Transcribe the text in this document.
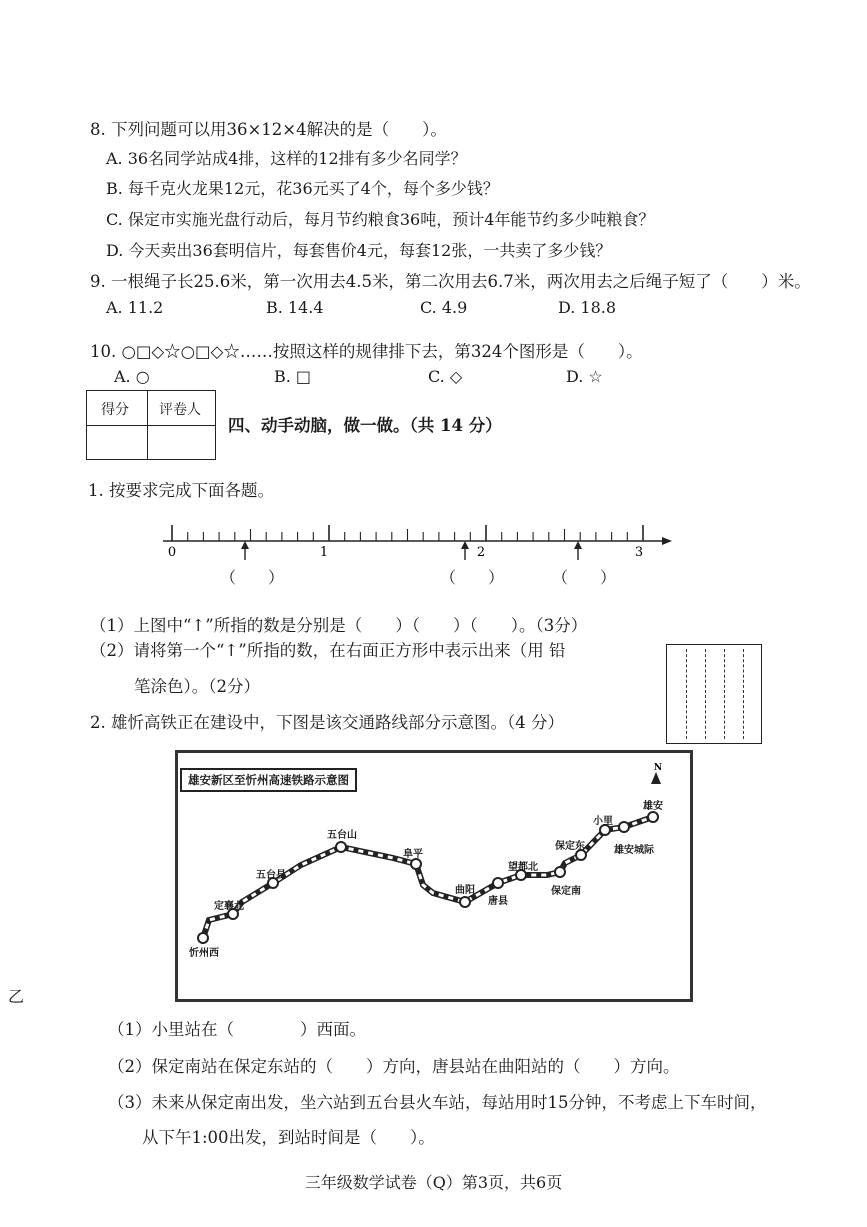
8. 下列问题可以用36×12×4解决的是（　　）。
A. 36名同学站成4排，这样的12排有多少名同学？
B. 每千克火龙果12元，花36元买了4个，每个多少钱？
C. 保定市实施光盘行动后，每月节约粮食36吨，预计4年能节约多少吨粮食？
D. 今天卖出36套明信片，每套售价4元，每套12张，一共卖了多少钱？
9. 一根绳子长25.6米，第一次用去4.5米，第二次用去6.7米，两次用去之后绳子短了（　　）米。
A. 11.2	B. 14.4	C. 4.9	D. 18.8
10. ○□◇☆○□◇☆……按照这样的规律排下去，第324个图形是（　　）。
A. ○	B. □	C. ◇	D. ☆
得分 评卷人
四、动手动脑，做一做。（共 14 分）
1. 按要求完成下面各题。
0	1	2	3
（　　）	（　　）	（　　）
（1）上图中“↑”所指的数是分别是（　　）（　　）（　　）。（3分）
（2）请将第一个“↑”所指的数，在右面正方形中表示出来（用 铅
笔涂色）。（2分）
2. 雄忻高铁正在建设中，下图是该交通路线部分示意图。（4 分）
雄安新区至忻州高速铁路示意图
N
忻州西
定襄北
五台县
五台山
阜平
曲阳
唐县
望都北
保定东
保定南
小里
雄安城际
雄安
乙
（1）小里站在（　　　　）西面。
（2）保定南站在保定东站的（　　）方向，唐县站在曲阳站的（　　）方向。
（3）未来从保定南出发，坐六站到五台县火车站，每站用时15分钟，不考虑上下车时间，
从下午1:00出发，到站时间是（　　）。
三年级数学试卷（Q）第3页，共6页
